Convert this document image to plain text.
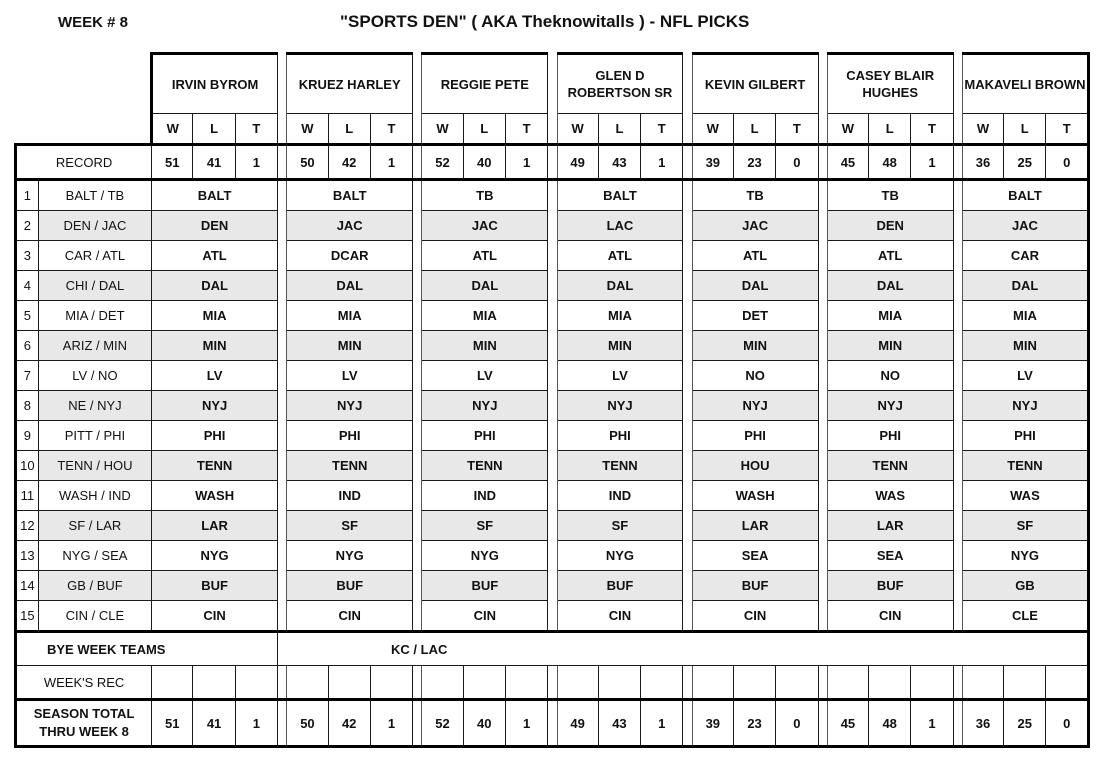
WEEK # 8	"SPORTS DEN" ( AKA Theknowitalls ) - NFL PICKS
		IRVIN BYROM				KRUEZ HARLEY				REGGIE PETE				GLEN D ROBERTSON SR				KEVIN GILBERT				CASEY BLAIR HUGHES				MAKAVELI BROWN		
		W	L	T		W	L	T		W	L	T		W	L	T		W	L	T		W	L	T		W	L	T
RECORD		51	41	1		50	42	1		52	40	1		49	43	1		39	23	0		45	48	1		36	25	0
1	BALT / TB	BALT				BALT				TB				BALT				TB				TB				BALT		
2	DEN / JAC	DEN				JAC				JAC				LAC				JAC				DEN				JAC		
3	CAR / ATL	ATL				DCAR				ATL				ATL				ATL				ATL				CAR		
4	CHI / DAL	DAL				DAL				DAL				DAL				DAL				DAL				DAL		
5	MIA / DET	MIA				MIA				MIA				MIA				DET				MIA				MIA		
6	ARIZ / MIN	MIN				MIN				MIN				MIN				MIN				MIN				MIN		
7	LV / NO	LV				LV				LV				LV				NO				NO				LV		
8	NE / NYJ	NYJ				NYJ				NYJ				NYJ				NYJ				NYJ				NYJ		
9	PITT / PHI	PHI				PHI				PHI				PHI				PHI				PHI				PHI		
10	TENN / HOU	TENN				TENN				TENN				TENN				HOU				TENN				TENN		
11	WASH / IND	WASH				IND				IND				IND				WASH				WAS				WAS		
12	SF / LAR	LAR				SF				SF				SF				LAR				LAR				SF		
13	NYG / SEA	NYG				NYG				NYG				NYG				SEA				SEA				NYG		
14	GB / BUF	BUF				BUF				BUF				BUF				BUF				BUF				GB		
15	CIN / CLE	CIN				CIN				CIN				CIN				CIN				CIN				CLE		
BYE WEEK TEAMS					KC / LAC																							
WEEK'S REC																												

SEASON TOTAL
THRU WEEK 8		51	41	1		50	42	1		52	40	1		49	43	1		39	23	0		45	48	1		36	25	0
